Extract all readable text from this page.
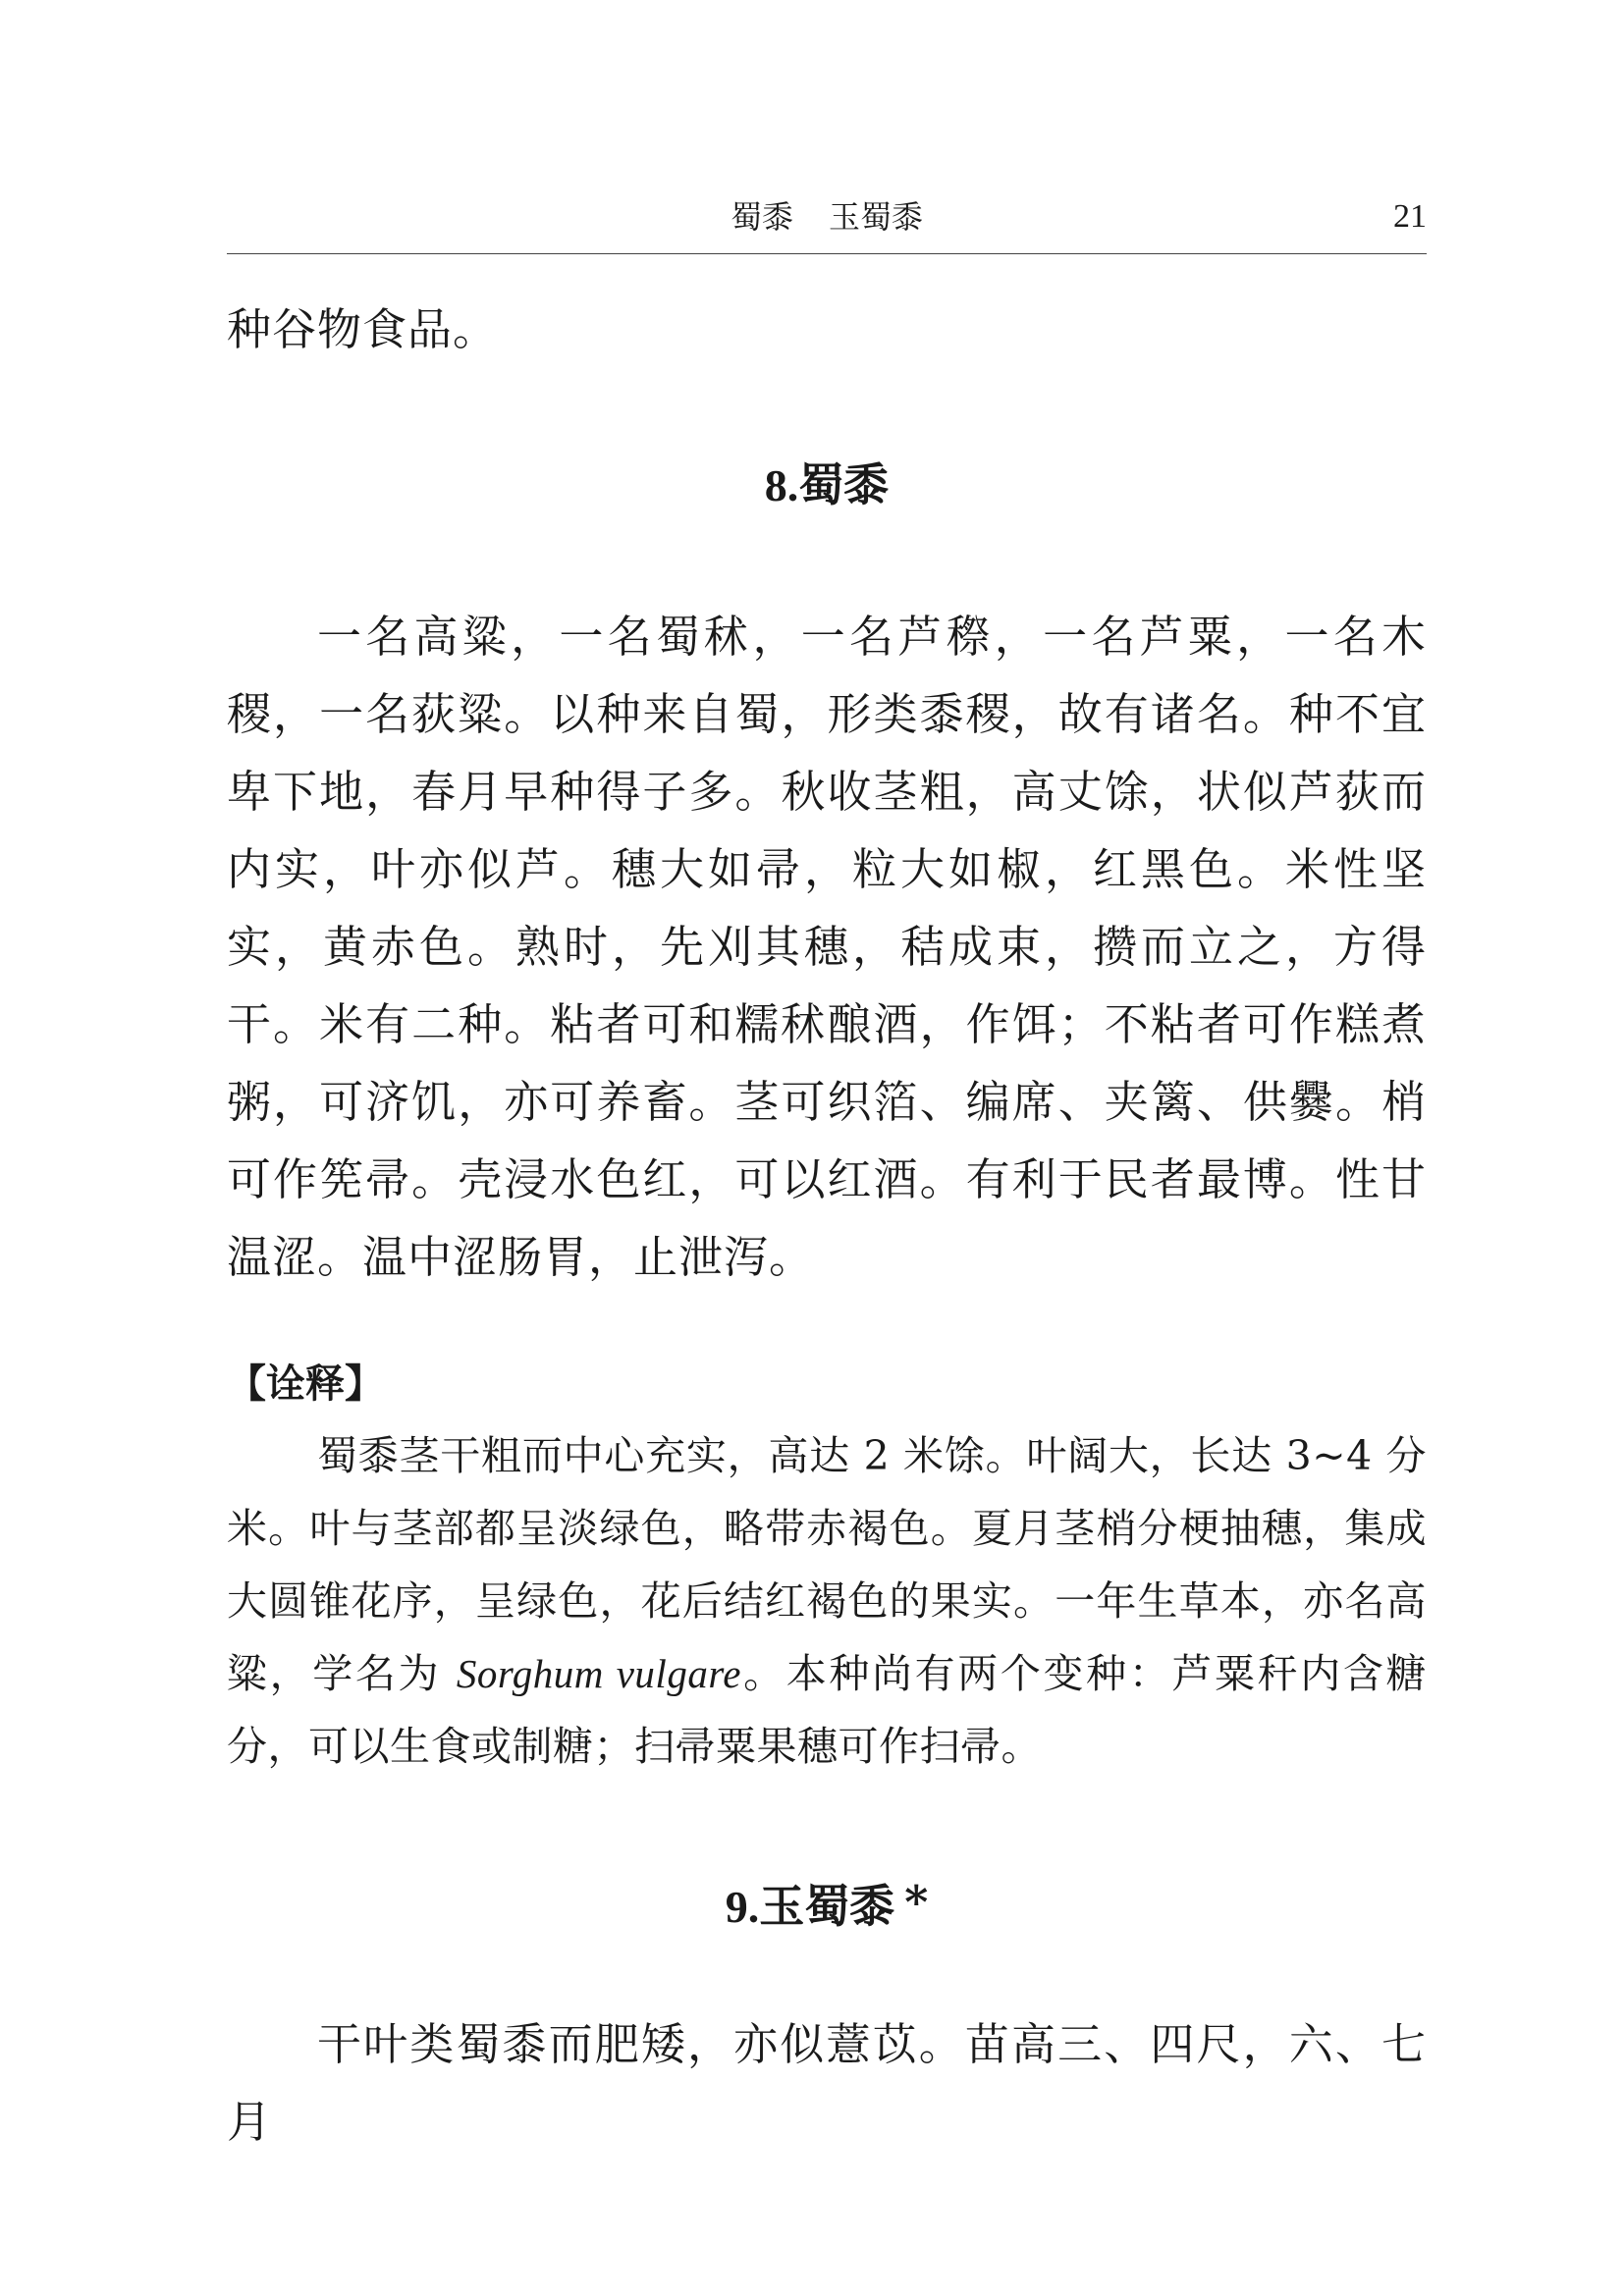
蜀黍 玉蜀黍	21

种谷物食品。

8.蜀黍

一名高粱，一名蜀秫，一名芦穄，一名芦粟，一名木稷，一名荻粱。以种来自蜀，形类黍稷，故有诸名。种不宜卑下地，春月早种得子多。秋收茎粗，高丈馀，状似芦荻而内实，叶亦似芦。穗大如帚，粒大如椒，红黑色。米性坚实，黄赤色。熟时，先刈其穗，秸成束，攒而立之，方得干。米有二种。粘者可和糯秫酿酒，作饵；不粘者可作糕煮粥，可济饥，亦可养畜。茎可织箔、编席、夹篱、供爨。梢可作筅帚。壳浸水色红，可以红酒。有利于民者最博。性甘温涩。温中涩肠胃，止泄泻。

【诠释】

蜀黍茎干粗而中心充实，高达 2 米馀。叶阔大，长达 3~4 分米。叶与茎部都呈淡绿色，略带赤褐色。夏月茎梢分梗抽穗，集成大圆锥花序，呈绿色，花后结红褐色的果实。一年生草本，亦名高粱，学名为 Sorghum vulgare。本种尚有两个变种：芦粟秆内含糖分，可以生食或制糖；扫帚粟果穗可作扫帚。

9.玉蜀黍 *

干叶类蜀黍而肥矮，亦似薏苡。苗高三、四尺，六、七月
